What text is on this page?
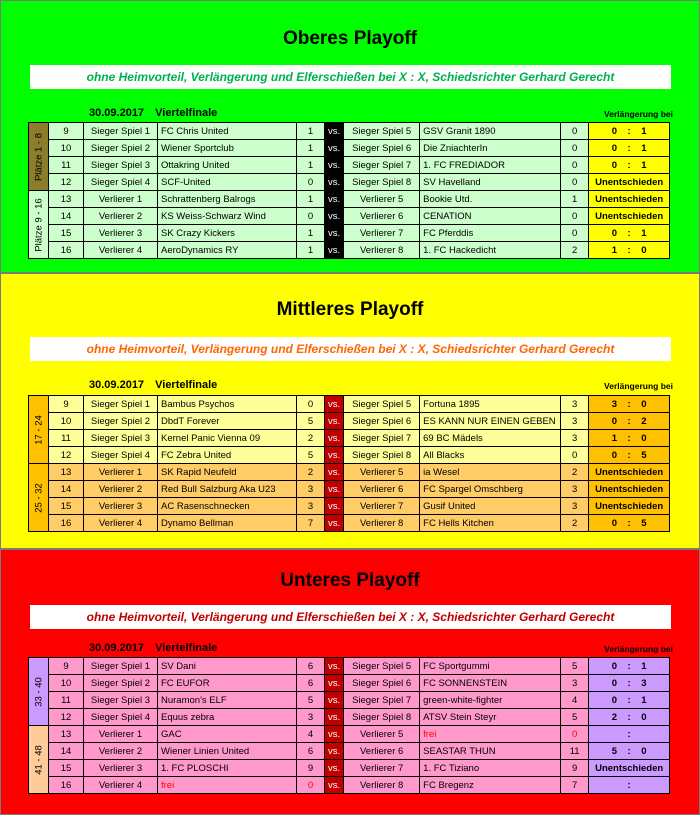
Oberes Playoff
ohne Heimvorteil, Verlängerung und Elferschießen bei X : X, Schiedsrichter Gerhard Gerecht
30.09.2017 Viertelfinale	Verlängerung bei
Plätze 1 - 8	9	Sieger Spiel 1	FC Chris United	1	vs.	Sieger Spiel 5	GSV Granit 1890	0	0    :    1
	10	Sieger Spiel 2	Wiener Sportclub	1	vs.	Sieger Spiel 6	Die ZniachterIn	0	0    :    1
	11	Sieger Spiel 3	Ottakring United	1	vs.	Sieger Spiel 7	1. FC FREDIADOR	0	0    :    1
	12	Sieger Spiel 4	SCF-United	0	vs.	Sieger Spiel 8	SV Havelland	0	Unentschieden

Plätze 9 - 16	13	Verlierer 1	Schrattenberg Balrogs	1	vs.	Verlierer 5	Bookie Utd.	1	Unentschieden
	14	Verlierer 2	KS Weiss-Schwarz Wind	0	vs.	Verlierer 6	CENATION	0	Unentschieden
	15	Verlierer 3	SK Crazy Kickers	1	vs.	Verlierer 7	FC Pferddis	0	0    :    1
	16	Verlierer 4	AeroDynamics RY	1	vs.	Verlierer 8	1. FC Hackedicht	2	1    :    0
Mittleres Playoff
ohne Heimvorteil, Verlängerung und Elferschießen bei X : X, Schiedsrichter Gerhard Gerecht
30.09.2017 Viertelfinale	Verlängerung bei
17 - 24	9	Sieger Spiel 1	Bambus Psychos	0	vs.	Sieger Spiel 5	Fortuna 1895	3	3    :    0
	10	Sieger Spiel 2	DbdT Forever	5	vs.	Sieger Spiel 6	ES KANN NUR EINEN GEBEN	3	0    :    2
	11	Sieger Spiel 3	Kernel Panic Vienna 09	2	vs.	Sieger Spiel 7	69 BC Mädels	3	1    :    0
	12	Sieger Spiel 4	FC Zebra United	5	vs.	Sieger Spiel 8	All Blacks	0	0    :    5

25 - 32	13	Verlierer 1	SK Rapid Neufeld	2	vs.	Verlierer 5	ia Wesel	2	Unentschieden
	14	Verlierer 2	Red Bull Salzburg Aka U23	3	vs.	Verlierer 6	FC Spargel Omschberg	3	Unentschieden
	15	Verlierer 3	AC Rasenschnecken	3	vs.	Verlierer 7	Gusif United	3	Unentschieden
	16	Verlierer 4	Dynamo Bellman	7	vs.	Verlierer 8	FC Hells Kitchen	2	0    :    5
Unteres Playoff
ohne Heimvorteil, Verlängerung und Elferschießen bei X : X, Schiedsrichter Gerhard Gerecht
30.09.2017 Viertelfinale	Verlängerung bei
33 - 40	9	Sieger Spiel 1	SV Dani	6	vs.	Sieger Spiel 5	FC Sportgummi	5	0    :    1
	10	Sieger Spiel 2	FC EUFOR	6	vs.	Sieger Spiel 6	FC SONNENSTEIN	3	0    :    3
	11	Sieger Spiel 3	Nuramon's ELF	5	vs.	Sieger Spiel 7	green-white-fighter	4	0    :    1
	12	Sieger Spiel 4	Equus zebra	3	vs.	Sieger Spiel 8	ATSV Stein Steyr	5	2    :    0

41 - 48	13	Verlierer 1	GAC	4	vs.	Verlierer 5	frei	0	:
	14	Verlierer 2	Wiener Linien United	6	vs.	Verlierer 6	SEASTAR THUN	11	5    :    0
	15	Verlierer 3	1. FC PLOSCHI	9	vs.	Verlierer 7	1. FC Tiziano	9	Unentschieden
	16	Verlierer 4	frei	0	vs.	Verlierer 8	FC Bregenz	7	:
